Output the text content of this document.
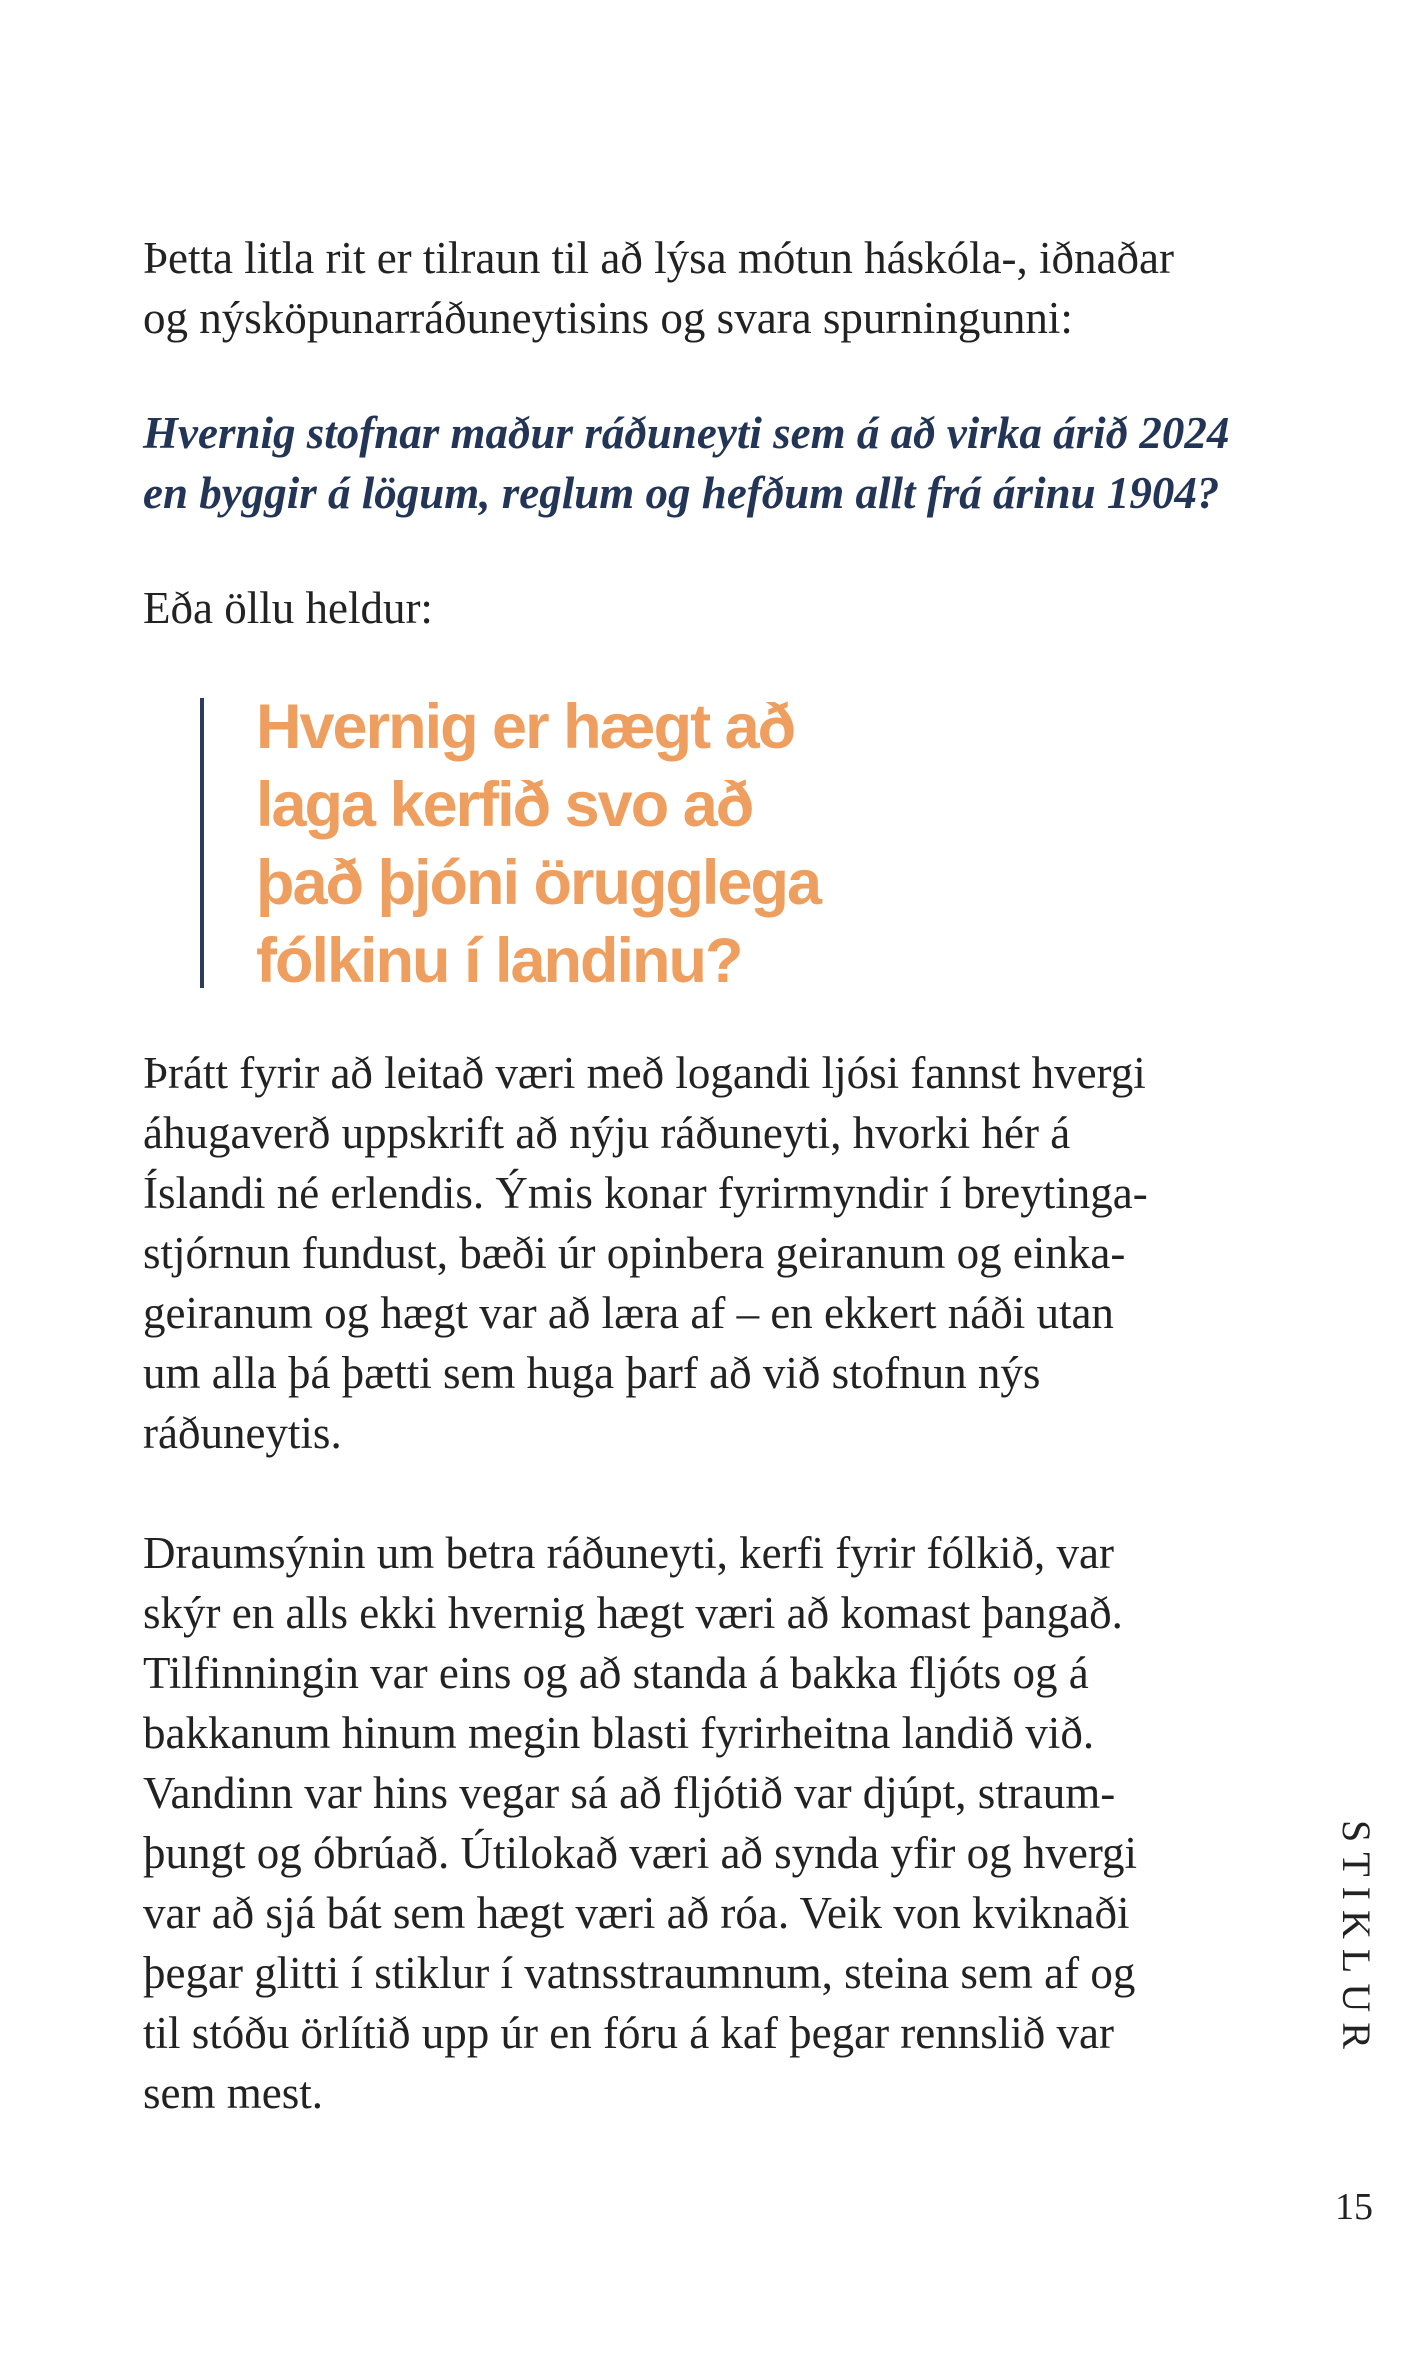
Þetta litla rit er tilraun til að lýsa mótun háskóla-, iðnaðar
og nýsköpunarráðuneytisins og svara spurningunni:

Hvernig stofnar maður ráðuneyti sem á að virka árið 2024
en byggir á lögum, reglum og hefðum allt frá árinu 1904?

Eða öllu heldur:

Hvernig er hægt að
laga kerfið svo að
það þjóni örugglega
fólkinu í landinu?

Þrátt fyrir að leitað væri með logandi ljósi fannst hvergi
áhugaverð uppskrift að nýju ráðuneyti, hvorki hér á
Íslandi né erlendis. Ýmis konar fyrirmyndir í breytinga-
stjórnun fundust, bæði úr opinbera geiranum og einka-
geiranum og hægt var að læra af – en ekkert náði utan
um alla þá þætti sem huga þarf að við stofnun nýs
ráðuneytis.

Draumsýnin um betra ráðuneyti, kerfi fyrir fólkið, var
skýr en alls ekki hvernig hægt væri að komast þangað.
Tilfinningin var eins og að standa á bakka fljóts og á
bakkanum hinum megin blasti fyrirheitna landið við.
Vandinn var hins vegar sá að fljótið var djúpt, straum-
þungt og óbrúað. Útilokað væri að synda yfir og hvergi
var að sjá bát sem hægt væri að róa. Veik von kviknaði
þegar glitti í stiklur í vatnsstraumnum, steina sem af og
til stóðu örlítið upp úr en fóru á kaf þegar rennslið var
sem mest.

STIKLUR
15
